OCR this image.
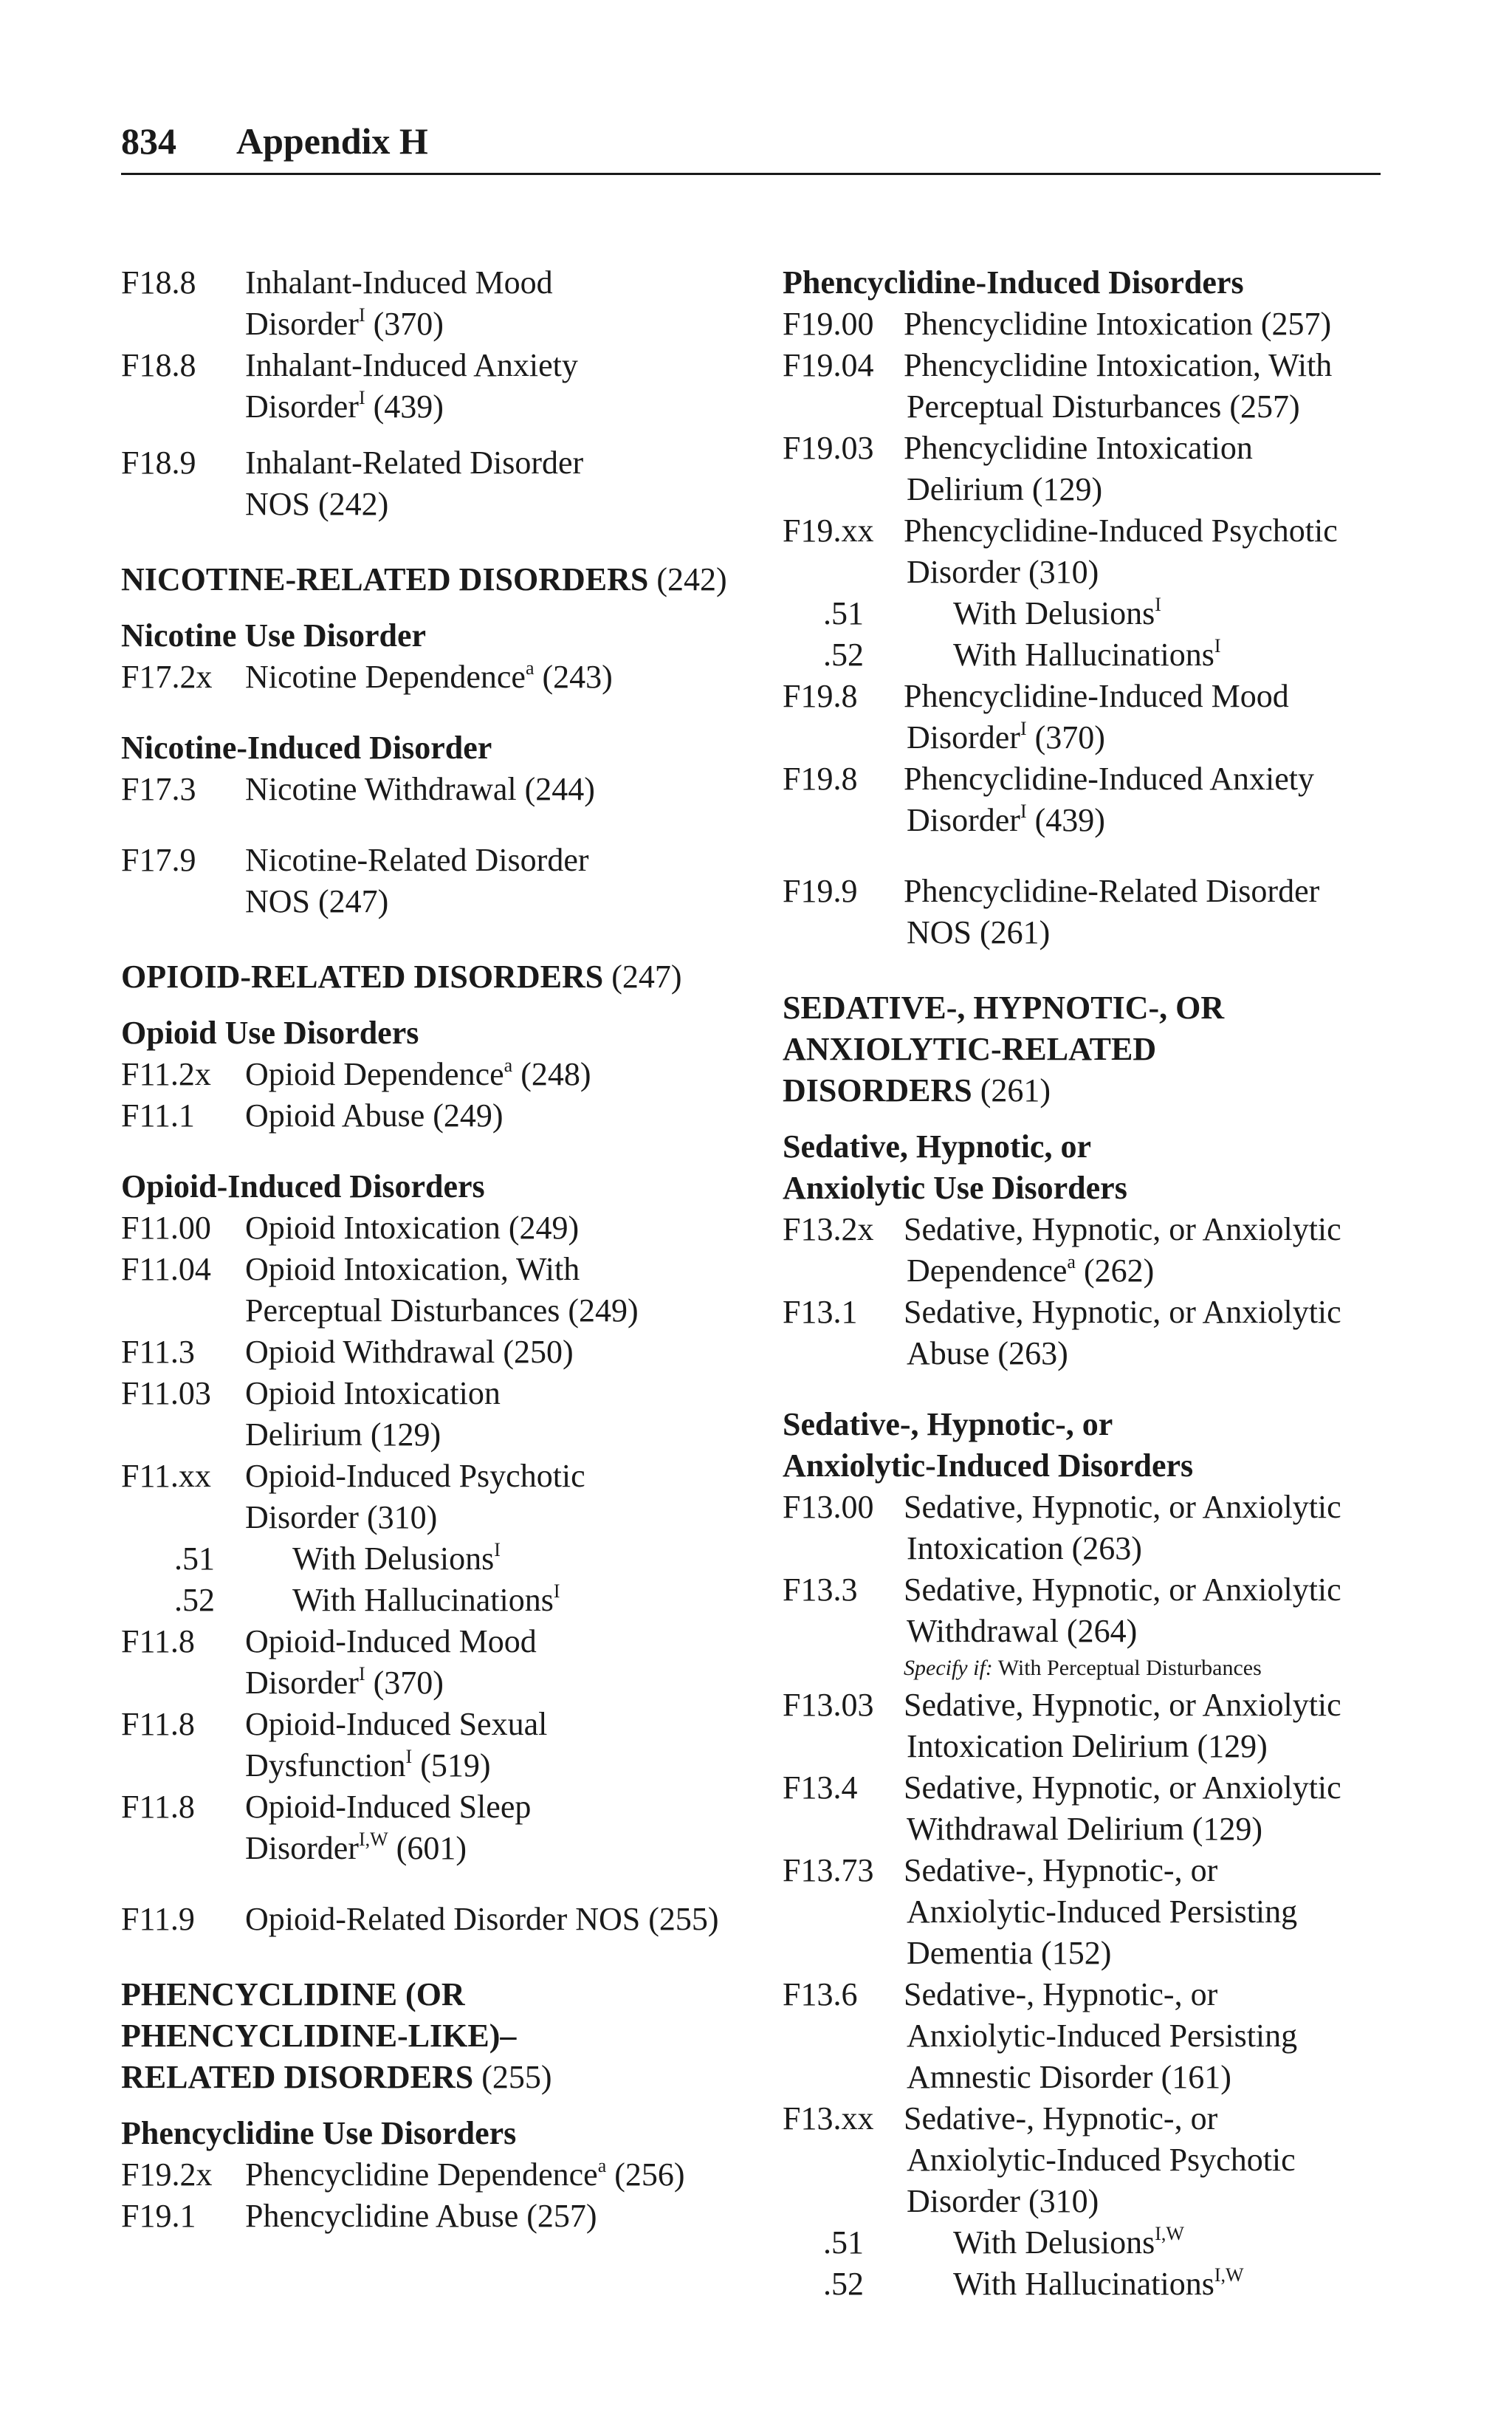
834 Appendix H
F18.8 Inhalant-Induced Mood
Disorder$^I$ (370)
F18.8 Inhalant-Induced Anxiety
Disorder$^I$ (439)
F18.9 Inhalant-Related Disorder
NOS (242)
NICOTINE-RELATED DISORDERS (242)
Nicotine Use Disorder
F17.2x Nicotine Dependence$^a$ (243)
Nicotine-Induced Disorder
F17.3 Nicotine Withdrawal (244)
F17.9 Nicotine-Related Disorder
NOS (247)
OPIOID-RELATED DISORDERS (247)
Opioid Use Disorders
F11.2x Opioid Dependence$^a$ (248)
F11.1 Opioid Abuse (249)
Opioid-Induced Disorders
F11.00 Opioid Intoxication (249)
F11.04 Opioid Intoxication, With
Perceptual Disturbances (249)
F11.3 Opioid Withdrawal (250)
F11.03 Opioid Intoxication
Delirium (129)
F11.xx Opioid-Induced Psychotic
Disorder (310)
.51 With Delusions$^I$
.52 With Hallucinations$^I$
F11.8 Opioid-Induced Mood
Disorder$^I$ (370)
F11.8 Opioid-Induced Sexual
Dysfunction$^I$ (519)
F11.8 Opioid-Induced Sleep
Disorder$^{I,W}$ (601)
F11.9 Opioid-Related Disorder NOS (255)
PHENCYCLIDINE (OR
PHENCYCLIDINE-LIKE)–
RELATED DISORDERS (255)
Phencyclidine Use Disorders
F19.2x Phencyclidine Dependence$^a$ (256)
F19.1 Phencyclidine Abuse (257)
Phencyclidine-Induced Disorders
F19.00 Phencyclidine Intoxication (257)
F19.04 Phencyclidine Intoxication, With
Perceptual Disturbances (257)
F19.03 Phencyclidine Intoxication
Delirium (129)
F19.xx Phencyclidine-Induced Psychotic
Disorder (310)
.51	With Delusions$^I$
.52	With Hallucinations$^I$
F19.8 Phencyclidine-Induced Mood
Disorder$^I$ (370)
F19.8 Phencyclidine-Induced Anxiety
Disorder$^I$ (439)
F19.9 Phencyclidine-Related Disorder
NOS (261)
SEDATIVE-, HYPNOTIC-, OR
ANXIOLYTIC-RELATED
DISORDERS (261)
Sedative, Hypnotic, or
Anxiolytic Use Disorders
F13.2x Sedative, Hypnotic, or Anxiolytic
Dependence$^a$ (262)
F13.1 Sedative, Hypnotic, or Anxiolytic
Abuse (263)
Sedative-, Hypnotic-, or
Anxiolytic-Induced Disorders
F13.00 Sedative, Hypnotic, or Anxiolytic
Intoxication (263)
F13.3 Sedative, Hypnotic, or Anxiolytic
Withdrawal (264)
Specify if: With Perceptual Disturbances
F13.03 Sedative, Hypnotic, or Anxiolytic
Intoxication Delirium (129)
F13.4 Sedative, Hypnotic, or Anxiolytic
Withdrawal Delirium (129)
F13.73 Sedative-, Hypnotic-, or
Anxiolytic-Induced Persisting
Dementia (152)
F13.6 Sedative-, Hypnotic-, or
Anxiolytic-Induced Persisting
Amnestic Disorder (161)
F13.xx Sedative-, Hypnotic-, or
Anxiolytic-Induced Psychotic
Disorder (310)
.51	With Delusions$^{I,W}$
.52	With Hallucinations$^{I,W}$
